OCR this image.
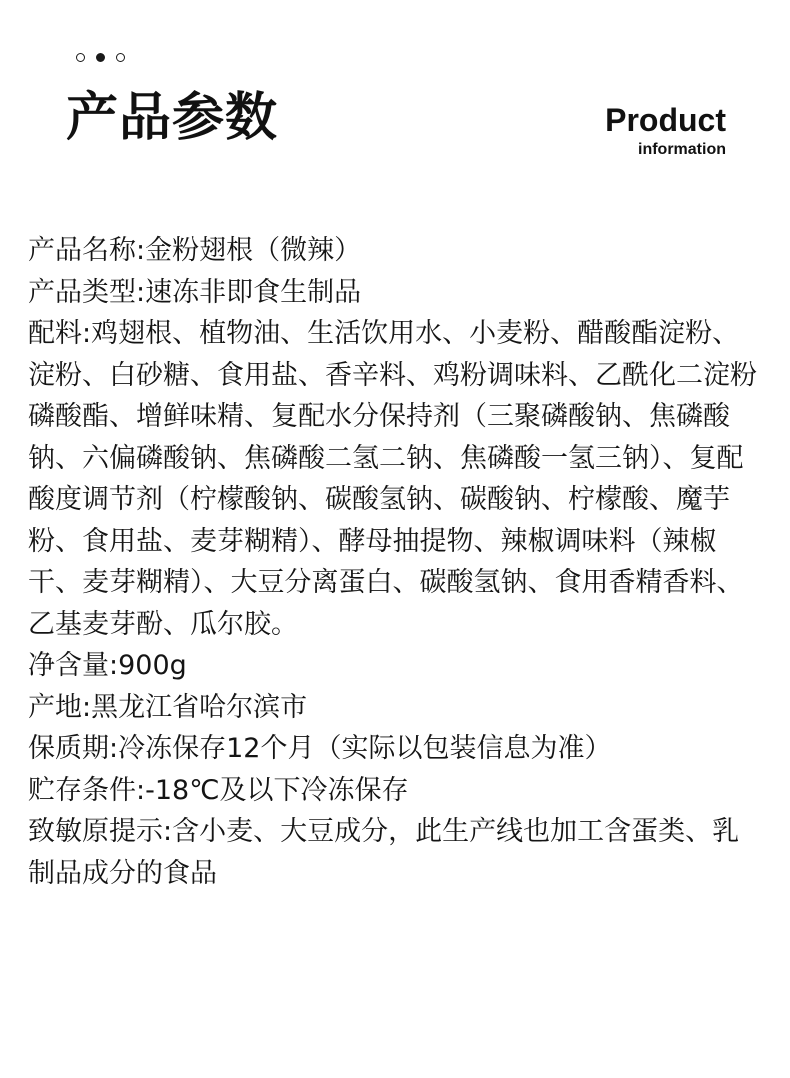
产品参数	Product
information
产品名称:金粉翅根（微辣）
产品类型:速冻非即食生制品
配料:鸡翅根、植物油、生活饮用水、小麦粉、醋酸酯淀粉、淀粉、白砂糖、食用盐、香辛料、鸡粉调味料、乙酰化二淀粉磷酸酯、增鲜味精、复配水分保持剂（三聚磷酸钠、焦磷酸钠、六偏磷酸钠、焦磷酸二氢二钠、焦磷酸一氢三钠）、复配酸度调节剂（柠檬酸钠、碳酸氢钠、碳酸钠、柠檬酸、魔芋粉、食用盐、麦芽糊精）、酵母抽提物、辣椒调味料（辣椒干、麦芽糊精）、大豆分离蛋白、碳酸氢钠、食用香精香料、乙基麦芽酚、瓜尔胶。
净含量:900g
产地:黑龙江省哈尔滨市
保质期:冷冻保存12个月（实际以包装信息为准）
贮存条件:-18℃及以下冷冻保存
致敏原提示:含小麦、大豆成分，此生产线也加工含蛋类、乳制品成分的食品
